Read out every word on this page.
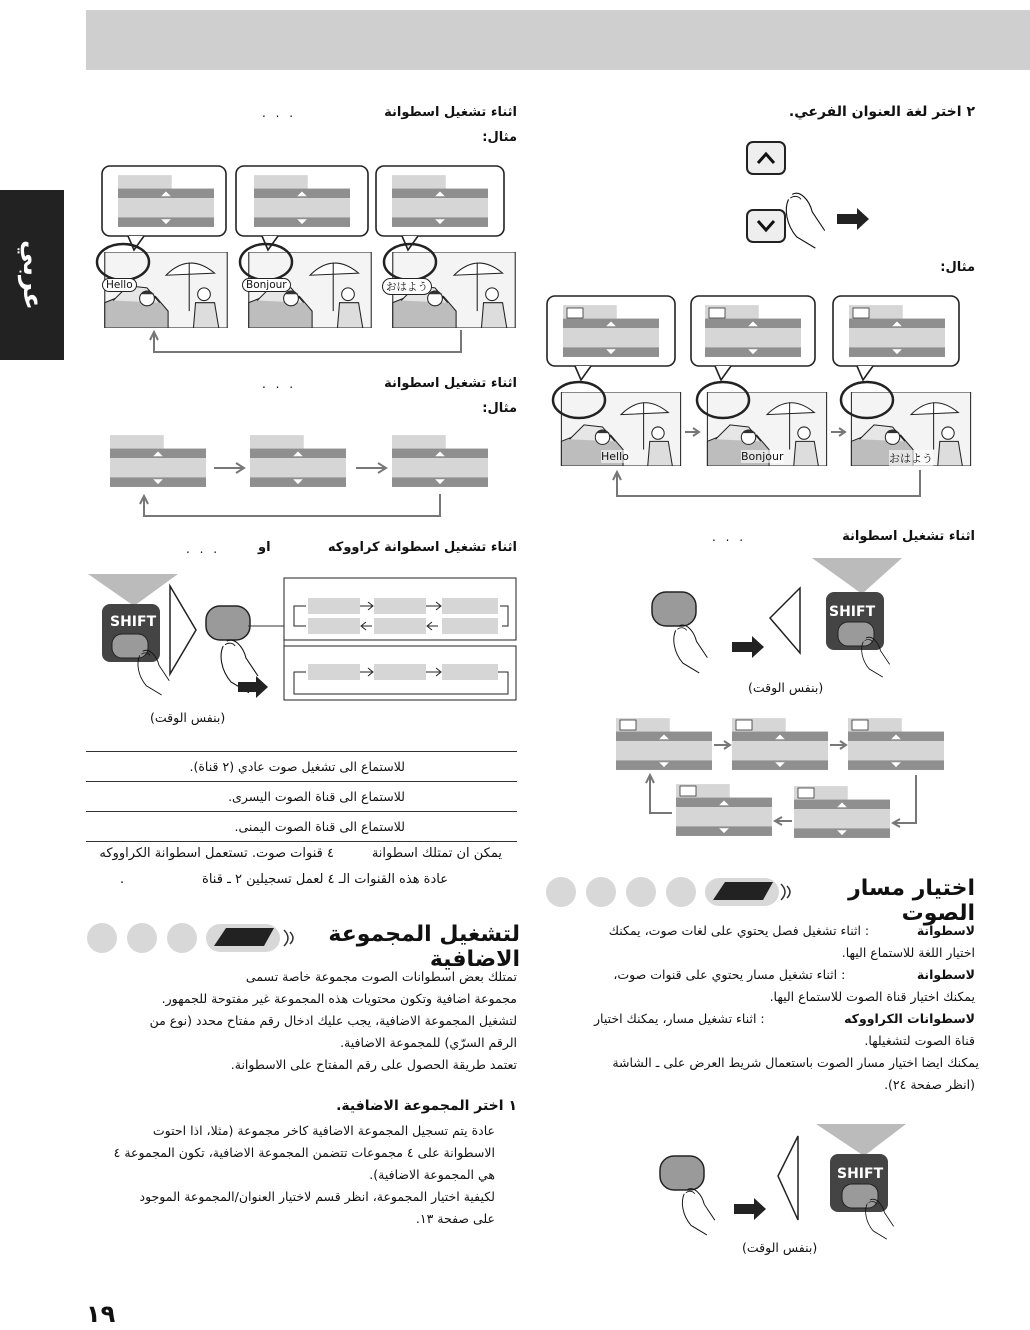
عربي
٢ اختر لغة العنوان الفرعي.
مثال:
Hello	Bonjour	おはよう
اثناء تشغيل اسطوانة
. . .
SHIFT
(بنفس الوقت)
اختيار مسار الصوت
لاسطوانة            : اثناء تشغيل فصل يحتوي على لغات صوت، يمكنك
اختيار اللغة للاستماع اليها.
لاسطوانة                  : اثناء تشغيل مسار يحتوي على قنوات صوت،
يمكنك اختيار قناة الصوت للاستماع اليها.
لاسطوانات الكراووكه                    : اثناء تشغيل مسار، يمكنك اختيار
قناة الصوت لتشغيلها.
يمكنك ايضا اختيار مسار الصوت باستعمال شريط العرض على ـ الشاشة
(انظر صفحة ٢٤).
SHIFT
(بنفس الوقت)
اثناء تشغيل اسطوانة
. . .
مثال:
Hello	Bonjour	おはよう
اثناء تشغيل اسطوانة
. . .
مثال:
اثناء تشغيل اسطوانة كراووكه
او
. . .
SHIFT
(بنفس الوقت)
للاستماع الى تشغيل صوت عادي (٢ قناة).
للاستماع الى قناة الصوت اليسرى.
للاستماع الى قناة الصوت اليمنى.
يمكن ان تمتلك اسطوانة
٤ قنوات صوت. تستعمل اسطوانة الكراووكه
عادة هذه القنوات الـ ٤ لعمل تسجيلين ٢ ـ قناة
.
لتشغيل المجموعة الاضافية
تمتلك بعض اسطوانات الصوت مجموعة خاصة تسمى
مجموعة اضافية وتكون محتويات هذه المجموعة غير مفتوحة للجمهور.
لتشغيل المجموعة الاضافية، يجب عليك ادخال رقم مفتاح محدد (نوع من
الرقم السرّي) للمجموعة الاضافية.
تعتمد طريقة الحصول على رقم المفتاح على الاسطوانة.
١ اختر المجموعة الاضافية.
عادة يتم تسجيل المجموعة الاضافية كاخر مجموعة (مثلا، اذا احتوت
الاسطوانة على ٤ مجموعات تتضمن المجموعة الاضافية، تكون المجموعة ٤
هي المجموعة الاضافية).
لكيفية اختيار المجموعة، انظر قسم لاختيار العنوان/المجموعة الموجود
على صفحة ١٣.
١٩
